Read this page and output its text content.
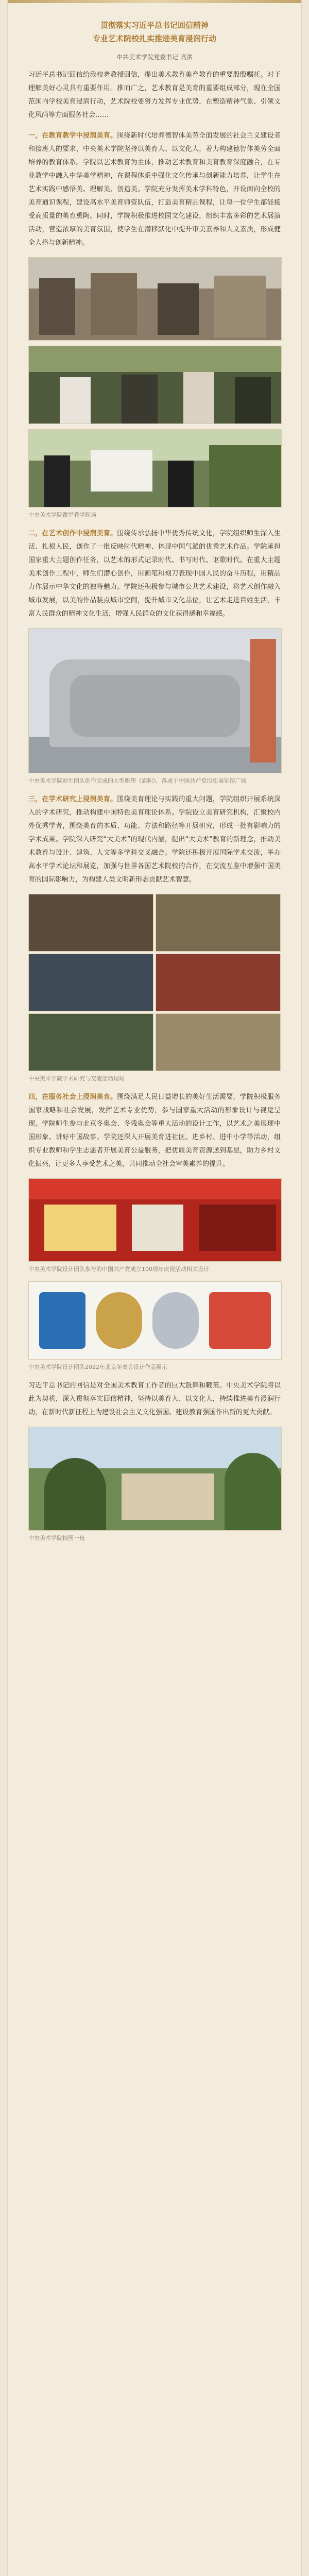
贯彻落实习近平总书记回信精神

专业艺术院校扎实推进美育浸润行动

中共美术学院党委书记 高洪

习近平总书记回信给我校老教授回信，提出美术教育美育教育的重要殷殷嘱托。对于理解美好心灵具有重要作用。推而广之，艺术教育是美育的重要组成部分，现在全国范围内学校美育浸润行动，艺术院校要努力发挥专业优势，在塑造精神气象、引领文化风尚等方面服务社会……

一，在教育教学中浸润美育。围绕新时代培养德智体美劳全面发展的社会主义建设者和接班人的要求，中央美术学院坚持以美育人、以文化人，着力构建德智体美劳全面培养的教育体系。学院以艺术教育为主体，推动艺术教育和美育教育深度融合，在专业教学中融入中华美学精神，在课程体系中强化文化传承与创新能力培养，让学生在艺术实践中感悟美、理解美、创造美。学院充分发挥美术学科特色，开设面向全校的美育通识课程，建设高水平美育师资队伍，打造美育精品课程，让每一位学生都能接受高质量的美育熏陶。同时，学院积极推进校园文化建设，组织丰富多彩的艺术展演活动，营造浓厚的美育氛围，使学生在潜移默化中提升审美素养和人文素质，形成健全人格与创新精神。

中央美术学院课堂教学现场

二，在艺术创作中浸润美育。围绕传承弘扬中华优秀传统文化，学院组织师生深入生活、扎根人民，创作了一批反映时代精神、体现中国气派的优秀艺术作品。学院承担国家重大主题创作任务，以艺术的形式记录时代、书写时代、讴歌时代。在重大主题美术创作工程中，师生们潜心创作，用画笔和刻刀表现中国人民的奋斗历程，用精品力作展示中华文化的独特魅力。学院还积极参与城市公共艺术建设，将艺术创作融入城市发展，以美的作品装点城市空间，提升城市文化品位，让艺术走进百姓生活，丰富人民群众的精神文化生活，增强人民群众的文化获得感和幸福感。

中央美术学院师生团队创作完成的大型雕塑《旗帜》，落成于中国共产党历史展览馆广场

三，在学术研究上浸润美育。围绕美育理论与实践的重大问题，学院组织开展系统深入的学术研究，推动构建中国特色美育理论体系。学院设立美育研究机构，汇聚校内外优秀学者，围绕美育的本质、功能、方法和路径等开展研究，形成一批有影响力的学术成果。学院深入研究“大美术”的现代内涵，提出“大美术”教育的新理念，推动美术教育与设计、建筑、人文等多学科交叉融合。学院还积极开展国际学术交流，举办高水平学术论坛和展览，加强与世界各国艺术院校的合作，在交流互鉴中增强中国美育的国际影响力，为构建人类文明新形态贡献艺术智慧。

中央美术学院学术研究与交流活动现场

四，在服务社会上浸润美育。围绕满足人民日益增长的美好生活需要，学院积极服务国家战略和社会发展，发挥艺术专业优势，参与国家重大活动的形象设计与视觉呈现。学院师生参与北京冬奥会、冬残奥会等重大活动的设计工作，以艺术之美展现中国形象、讲好中国故事。学院还深入开展美育进社区、进乡村、进中小学等活动，组织专业教师和学生志愿者开展美育公益服务，把优质美育资源送到基层，助力乡村文化振兴，让更多人享受艺术之美，共同推动全社会审美素养的提升。

中央美术学院设计团队参与的中国共产党成立100周年庆祝活动相关设计

中央美术学院设计团队2022年北京冬奥会设计作品展示

习近平总书记的回信是对全国美术教育工作者的巨大鼓舞和鞭策。中央美术学院将以此为契机，深入贯彻落实回信精神，坚持以美育人、以文化人，持续推进美育浸润行动，在新时代新征程上为建设社会主义文化强国、建设教育强国作出新的更大贡献。

中央美术学院校园一角
